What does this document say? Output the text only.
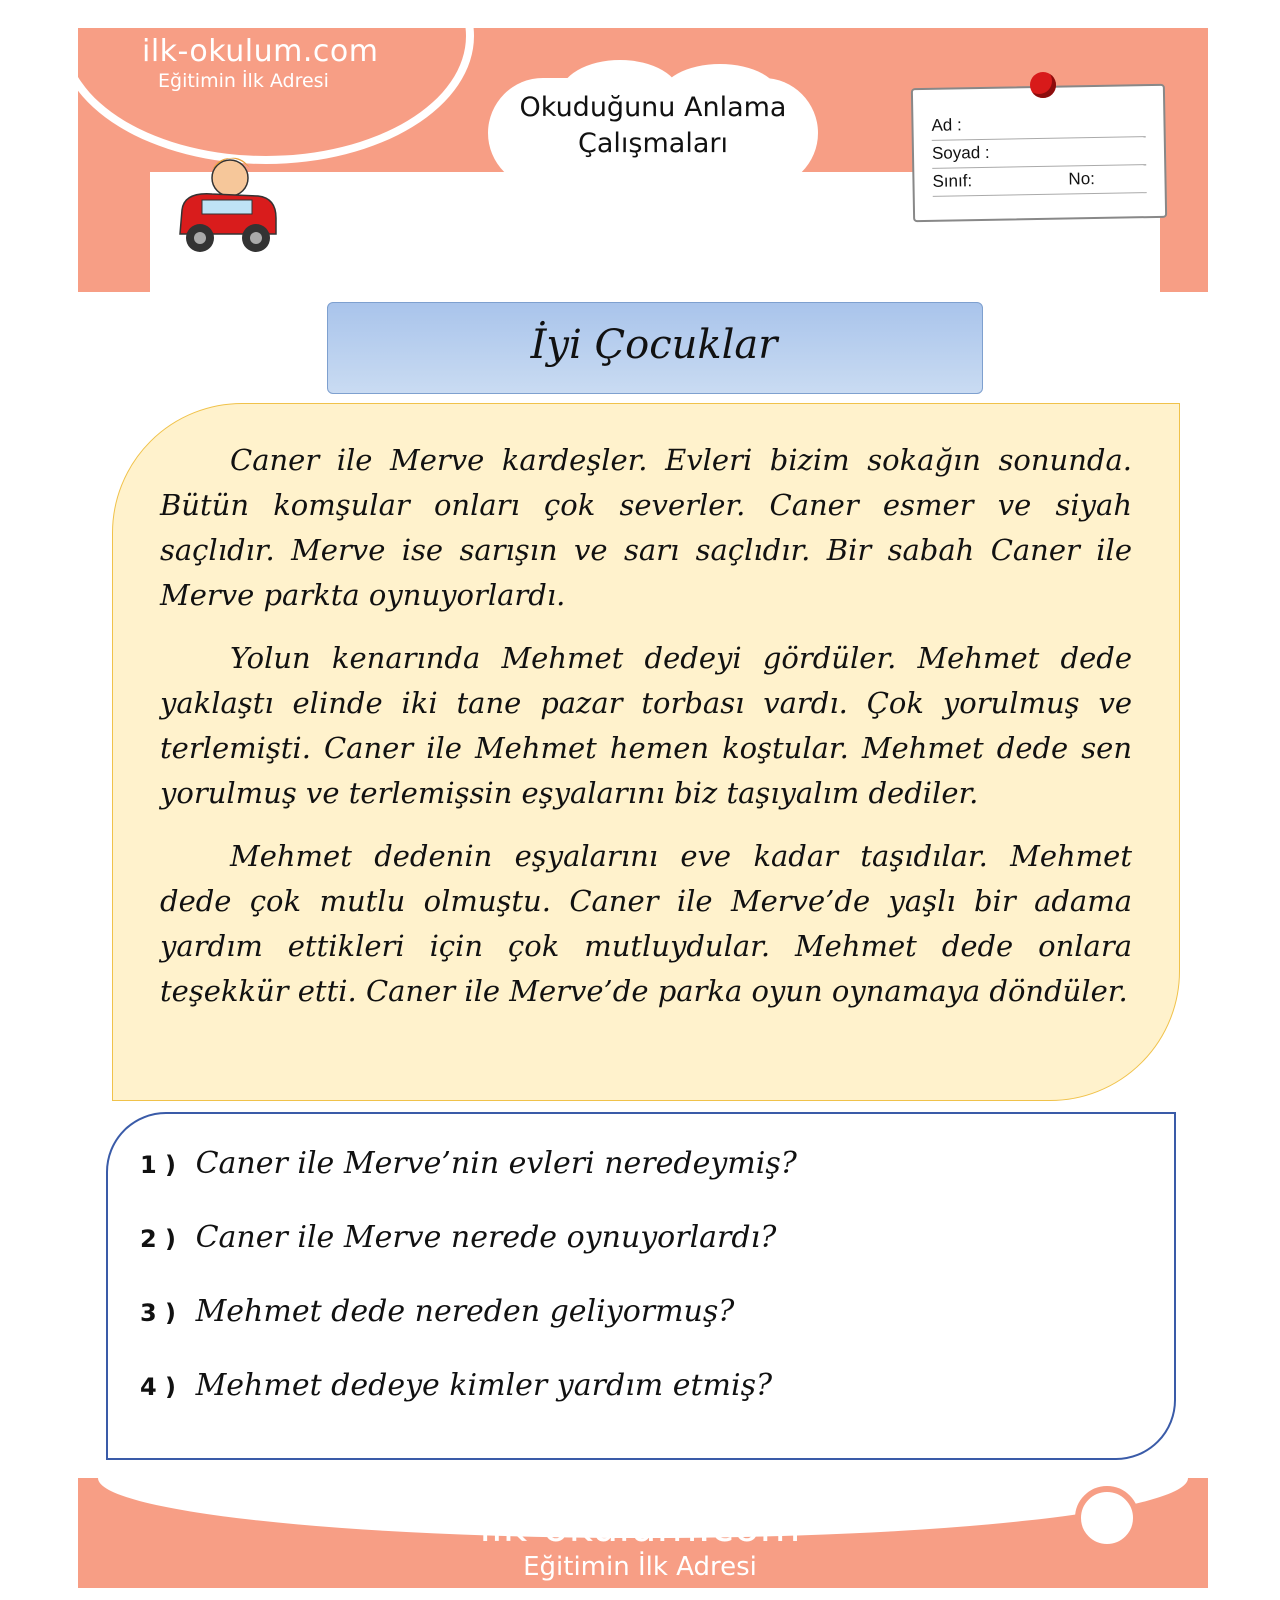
ilk-okulum.com
Eğitimin İlk Adresi
Okuduğunu Anlama
Çalışmaları
Ad :
Soyad :
Sınıf:	No:
İyi Çocuklar

Caner ile Merve kardeşler. Evleri bizim sokağın sonunda. Bütün komşular onları çok severler. Caner esmer ve siyah saçlıdır. Merve ise sarışın ve sarı saçlıdır. Bir sabah Caner ile Merve parkta oynuyorlardı.

Yolun kenarında Mehmet dedeyi gördüler. Mehmet dede yaklaştı elinde iki tane pazar torbası vardı. Çok yorulmuş ve terlemişti. Caner ile Mehmet hemen koştular. Mehmet dede sen yorulmuş ve terlemişsin eşyalarını biz taşıyalım dediler.

Mehmet dedenin eşyalarını eve kadar taşıdılar. Mehmet dede çok mutlu olmuştu. Caner ile Merve’de yaşlı bir adama yardım ettikleri için çok mutluydular. Mehmet dede onlara teşekkür etti. Caner ile Merve’de parka oyun oynamaya döndüler.

1 ) Caner ile Merve’nin evleri neredeymiş?
2 ) Caner ile Merve nerede oynuyorlardı?
3 ) Mehmet dede nereden geliyormuş?
4 ) Mehmet dedeye kimler yardım etmiş?
ilk-okulum.com
Eğitimin İlk Adresi
